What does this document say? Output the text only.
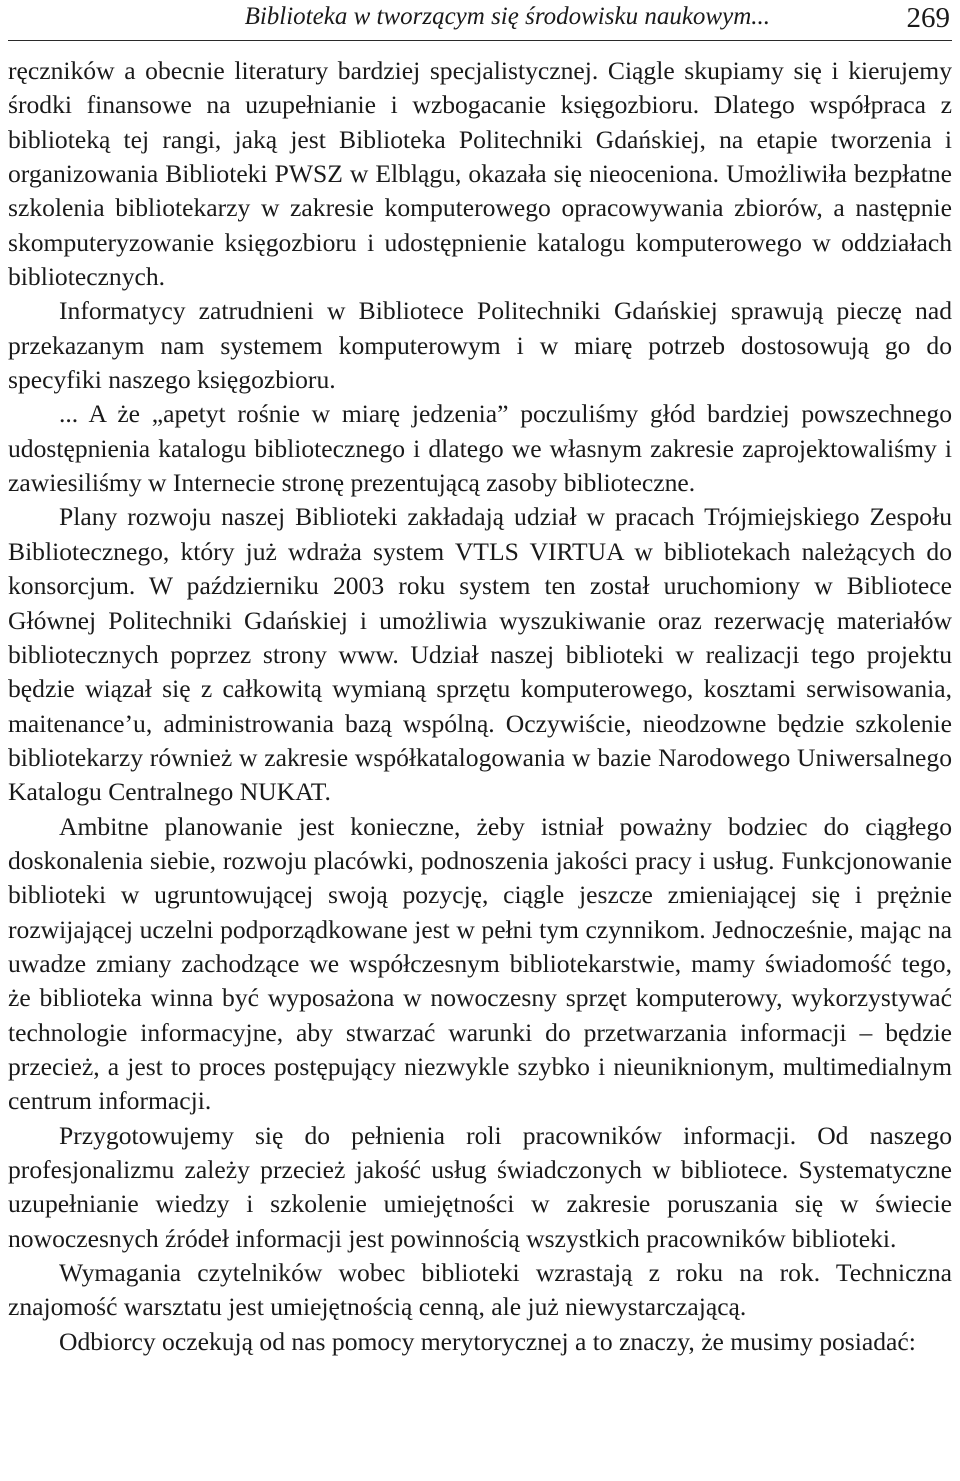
Biblioteka w tworzącym się środowisku naukowym...	269

ręczników a obecnie literatury bardziej specjalistycznej. Ciągle skupiamy się i kierujemy środki finansowe na uzupełnianie i wzbogacanie księgozbioru. Dlatego współpraca z biblioteką tej rangi, jaką jest Biblioteka Politechniki Gdańskiej, na etapie tworzenia i organizowania Biblioteki PWSZ w Elblągu, okazała się nieoceniona. Umożliwiła bezpłatne szkolenia bibliotekarzy w zakresie komputerowego opracowywania zbiorów, a następnie skomputeryzowanie księgozbioru i udostępnienie katalogu komputerowego w oddziałach bibliotecznych.

Informatycy zatrudnieni w Bibliotece Politechniki Gdańskiej sprawują pieczę nad przekazanym nam systemem komputerowym i w miarę potrzeb dostosowują go do specyfiki naszego księgozbioru.

... A że „apetyt rośnie w miarę jedzenia” poczuliśmy głód bardziej powszechnego udostępnienia katalogu bibliotecznego i dlatego we własnym zakresie zaprojektowaliśmy i zawiesiliśmy w Internecie stronę prezentującą zasoby biblioteczne.

Plany rozwoju naszej Biblioteki zakładają udział w pracach Trójmiejskiego Zespołu Bibliotecznego, który już wdraża system VTLS VIRTUA w bibliotekach należących do konsorcjum. W październiku 2003 roku system ten został uruchomiony w Bibliotece Głównej Politechniki Gdańskiej i umożliwia wyszukiwanie oraz rezerwację materiałów bibliotecznych poprzez strony www. Udział naszej biblioteki w realizacji tego projektu będzie wiązał się z całkowitą wymianą sprzętu komputerowego, kosztami serwisowania, maitenance’u, administrowania bazą wspólną. Oczywiście, nieodzowne będzie szkolenie bibliotekarzy również w zakresie współkatalogowania w bazie Narodowego Uniwersalnego Katalogu Centralnego NUKAT.

Ambitne planowanie jest konieczne, żeby istniał poważny bodziec do ciągłego doskonalenia siebie, rozwoju placówki, podnoszenia jakości pracy i usług. Funkcjonowanie biblioteki w ugruntowującej swoją pozycję, ciągle jeszcze zmieniającej się i prężnie rozwijającej uczelni podporządkowane jest w pełni tym czynnikom. Jednocześnie, mając na uwadze zmiany zachodzące we współczesnym bibliotekarstwie, mamy świadomość tego, że biblioteka winna być wyposażona w nowoczesny sprzęt komputerowy, wykorzystywać technologie informacyjne, aby stwarzać warunki do przetwarzania informacji – będzie przecież, a jest to proces postępujący niezwykle szybko i nieuniknionym, multimedialnym centrum informacji.

Przygotowujemy się do pełnienia roli pracowników informacji. Od naszego profesjonalizmu zależy przecież jakość usług świadczonych w bibliotece. Systematyczne uzupełnianie wiedzy i szkolenie umiejętności w zakresie poruszania się w świecie nowoczesnych źródeł informacji jest powinnością wszystkich pracowników biblioteki.

Wymagania czytelników wobec biblioteki wzrastają z roku na rok. Techniczna znajomość warsztatu jest umiejętnością cenną, ale już niewystarczającą.

Odbiorcy oczekują od nas pomocy merytorycznej a to znaczy, że musimy posiadać:
